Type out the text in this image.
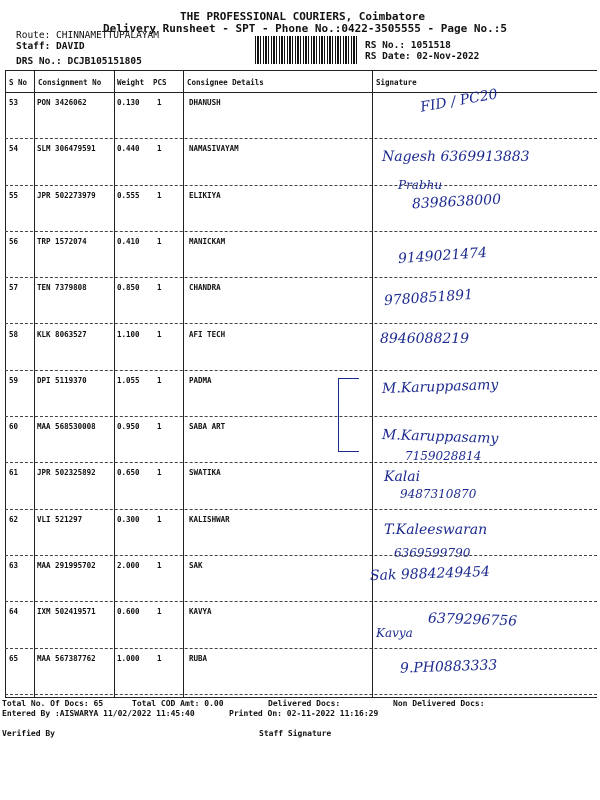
THE PROFESSIONAL COURIERS, Coimbatore
Delivery Runsheet - SPT - Phone No.:0422-3505555 - Page No.:5
Route: CHINNAMETTUPALAYAM
Staff: DAVID
DRS No.: DCJB105151805
RS No.: 1051518
RS Date: 02-Nov-2022
S No Consignment No Weight PCS	Consignee Details	Signature
53	PON 3426062	0.130 1	DHANUSH	FID / PC20
54	SLM 306479591	0.440 1	NAMASIVAYAM
Nagesh 6369913883
55	JPR 502273979	0.555 1	ELIKIYA	8398638000
Prabhu
56	TRP 1572074	0.410 1	MANICKAM
9149021474
57	TEN 7379808	0.850 1	CHANDRA	9780851891
58	KLK 8063527	1.100 1	AFI TECH	8946088219
59	DPI 5119370	1.055 1	PADMA	M.Karuppasamy
60	MAA 568530008	0.950 1	SABA ART
M.Karuppasamy
7159028814
61	JPR 502325892	0.650 1	SWATIKA	Kalai
9487310870
62	VLI 521297	0.300 1	KALISHWAR
T.Kaleeswaran
6369599790
63	MAA 291995702	2.000 1	SAK	Sak 9884249454
64	IXM 502419571	0.600 1	KAVYA	6379296756
Kavya
65	MAA 567387762	1.000 1	RUBA	9.PH0883333
Total No. Of Docs: 65	Total COD Amt: 0.00	Delivered Docs:	Non Delivered Docs:
Entered By :AISWARYA 11/02/2022 11:45:40	Printed On: 02-11-2022 11:16:29
Verified By	Staff Signature
